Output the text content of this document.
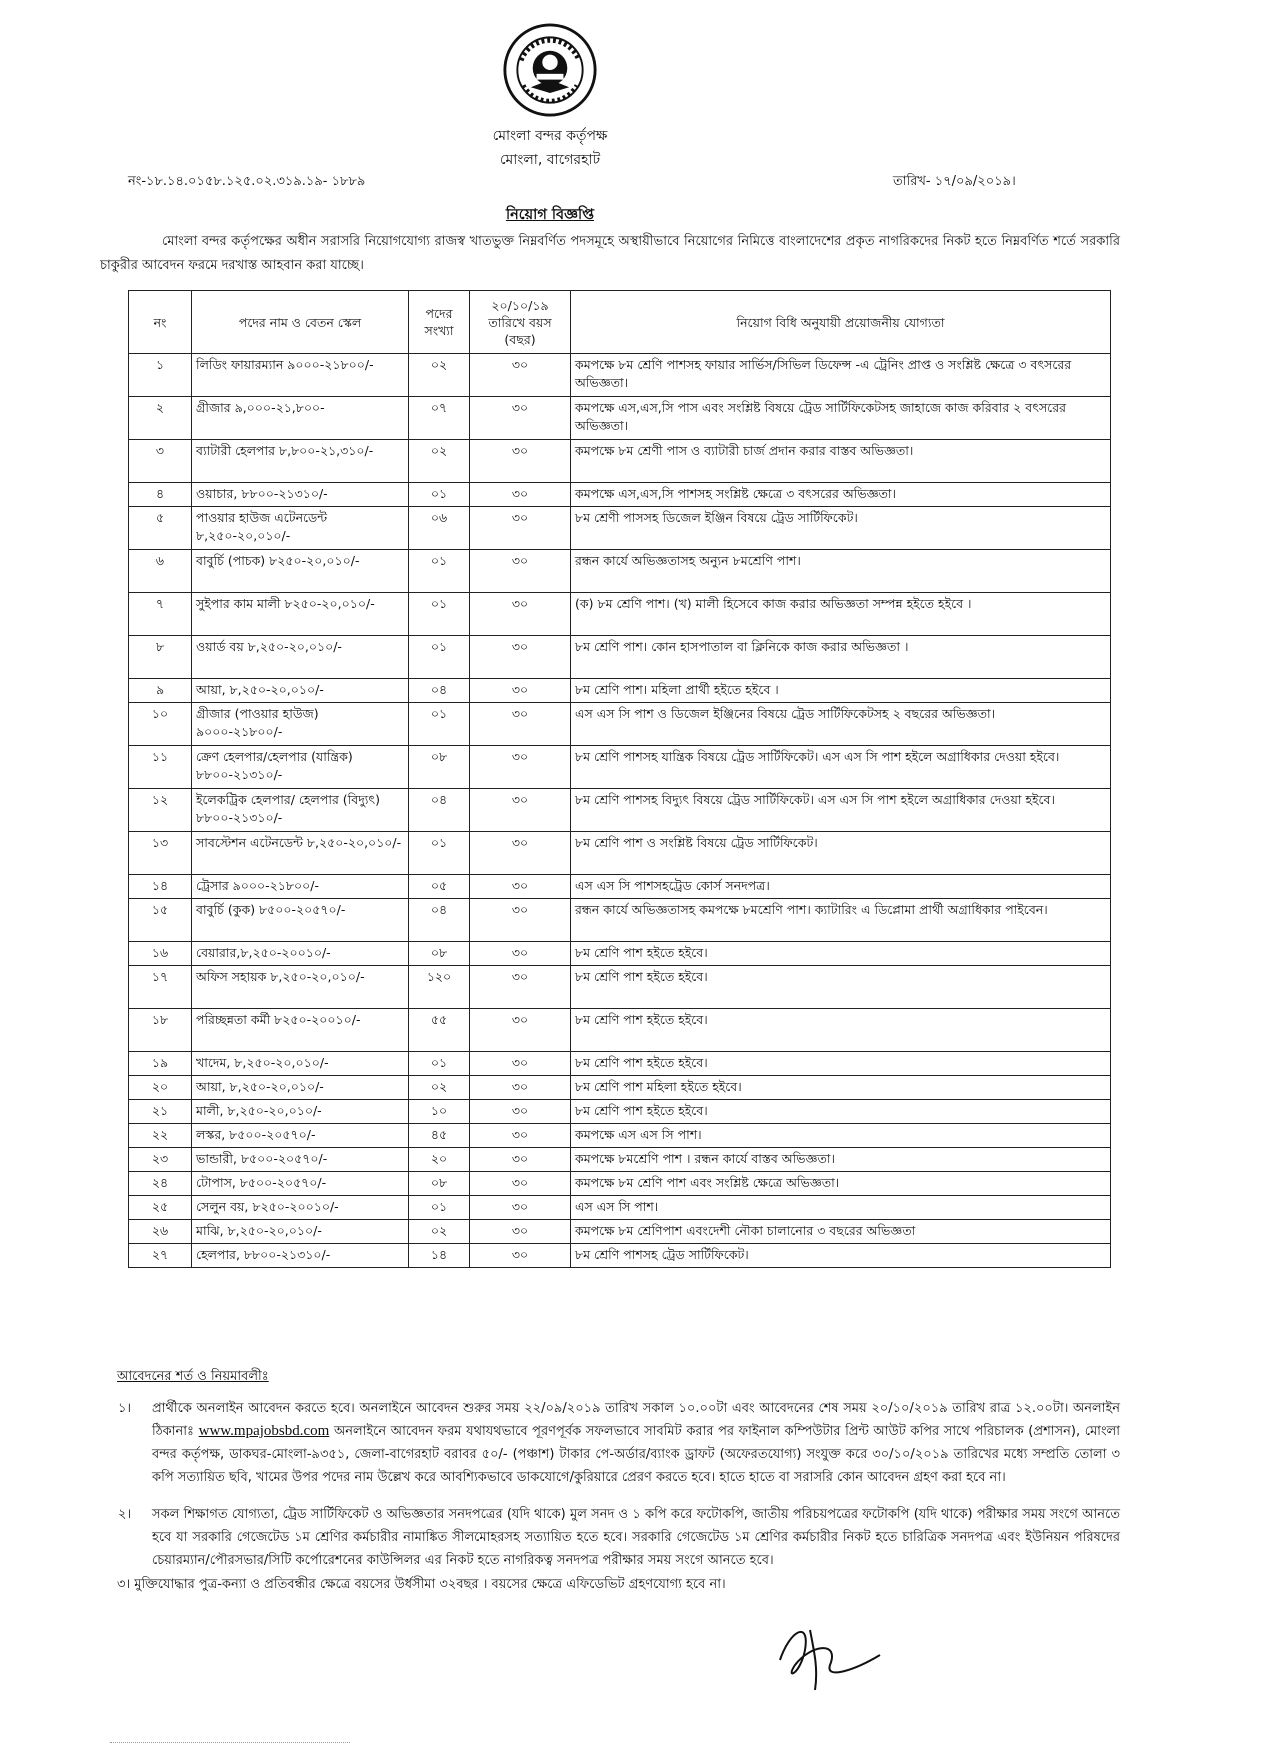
মোংলা বন্দর কর্তৃপক্ষ
মোংলা, বাগেরহাট
নং-১৮.১৪.০১৫৮.১২৫.০২.৩১৯.১৯- ১৮৮৯	তারিখ- ১৭/০৯/২০১৯।
নিয়োগ বিজ্ঞপ্তি
মোংলা বন্দর কর্তৃপক্ষের অধীন সরাসরি নিয়োগযোগ্য রাজস্ব খাতভুক্ত নিম্নবর্ণিত পদসমূহে অস্থায়ীভাবে নিয়োগের নিমিত্তে বাংলাদেশের প্রকৃত নাগরিকদের নিকট হতে নিম্নবর্ণিত শর্তে সরকারি চাকুরীর আবেদন ফরমে দরখাস্ত আহবান করা যাচ্ছে।
নং	পদের নাম ও বেতন স্কেল	পদের সংখ্যা	২০/১০/১৯ তারিখে বয়স (বছর)	নিয়োগ বিধি অনুযায়ী প্রয়োজনীয় যোগ্যতা
১	লিডিং ফায়ারম্যান ৯০০০-২১৮০০/-	০২	৩০	কমপক্ষে ৮ম শ্রেণি পাশসহ ফায়ার সার্ভিস/সিভিল ডিফেন্স -এ ট্রেনিং প্রাপ্ত ও সংশ্লিষ্ট ক্ষেত্রে ৩ বৎসরের অভিজ্ঞতা।
২	গ্রীজার ৯,০০০-২১,৮০০-	০৭	৩০	কমপক্ষে এস,এস,সি পাস এবং সংশ্লিষ্ট বিষয়ে ট্রেড সার্টিফিকেটসহ জাহাজে কাজ করিবার ২ বৎসরের অভিজ্ঞতা।
৩	ব্যাটারী হেলপার ৮,৮০০-২১,৩১০/-	০২	৩০	কমপক্ষে ৮ম শ্রেণী পাস ও ব্যাটারী চার্জ প্রদান করার বাস্তব অভিজ্ঞতা।
৪	ওয়াচার, ৮৮০০-২১৩১০/-	০১	৩০	কমপক্ষে এস,এস,সি পাশসহ সংশ্লিষ্ট ক্ষেত্রে ৩ বৎসরের অভিজ্ঞতা।
৫	পাওয়ার হাউজ এটেনডেন্ট ৮,২৫০-২০,০১০/-	০৬	৩০	৮ম শ্রেণী পাসসহ ডিজেল ইঞ্জিন বিষয়ে ট্রেড সার্টিফিকেট।
৬	বাবুর্চি (পাচক) ৮২৫০-২০,০১০/-	০১	৩০	রন্ধন কার্যে অভিজ্ঞতাসহ অন্যুন ৮মশ্রেণি পাশ।
৭	সুইপার কাম মালী ৮২৫০-২০,০১০/-	০১	৩০	(ক) ৮ম শ্রেণি পাশ। (খ) মালী হিসেবে কাজ করার অভিজ্ঞতা সম্পন্ন হইতে হইবে ।
৮	ওয়ার্ড বয় ৮,২৫০-২০,০১০/-	০১	৩০	৮ম শ্রেণি পাশ। কোন হাসপাতাল বা ক্লিনিকে কাজ করার অভিজ্ঞতা ।
৯	আয়া, ৮,২৫০-২০,০১০/-	০৪	৩০	৮ম শ্রেণি পাশ। মহিলা প্রার্থী হইতে হইবে ।
১০	গ্রীজার (পাওয়ার হাউজ) ৯০০০-২১৮০০/-	০১	৩০	এস এস সি পাশ ও ডিজেল ইঞ্জিনের বিষয়ে ট্রেড সার্টিফিকেটসহ ২ বছরের অভিজ্ঞতা।
১১	ক্রেণ হেলপার/হেলপার (যান্ত্রিক) ৮৮০০-২১৩১০/-	০৮	৩০	৮ম শ্রেণি পাশসহ যান্ত্রিক বিষয়ে ট্রেড সার্টিফিকেট। এস এস সি পাশ হইলে অগ্রাধিকার দেওয়া হইবে।
১২	ইলেকট্রিক হেলপার/ হেলপার (বিদ্যুৎ) ৮৮০০-২১৩১০/-	০৪	৩০	৮ম শ্রেণি পাশসহ বিদ্যুৎ বিষয়ে ট্রেড সার্টিফিকেট। এস এস সি পাশ হইলে অগ্রাধিকার দেওয়া হইবে।
১৩	সাবস্টেশন এটেনডেন্ট ৮,২৫০-২০,০১০/-	০১	৩০	৮ম শ্রেণি পাশ ও সংশ্লিষ্ট বিষয়ে ট্রেড সার্টিফিকেট।
১৪	ট্রেসার ৯০০০-২১৮০০/-	০৫	৩০	এস এস সি পাশসহট্রেড কোর্স সনদপত্র।
১৫	বাবুর্চি (কুক) ৮৫০০-২০৫৭০/-	০৪	৩০	রন্ধন কার্যে অভিজ্ঞতাসহ কমপক্ষে ৮মশ্রেণি পাশ। ক্যাটারিং এ ডিপ্লোমা প্রার্থী অগ্রাধিকার পাইবেন।
১৬	বেয়ারার,৮,২৫০-২০০১০/-	০৮	৩০	৮ম শ্রেণি পাশ হইতে হইবে।
১৭	অফিস সহায়ক ৮,২৫০-২০,০১০/-	১২০	৩০	৮ম শ্রেণি পাশ হইতে হইবে।
১৮	পরিচ্ছন্নতা কর্মী ৮২৫০-২০০১০/-	৫৫	৩০	৮ম শ্রেণি পাশ হইতে হইবে।
১৯	খাদেম, ৮,২৫০-২০,০১০/-	০১	৩০	৮ম শ্রেণি পাশ হইতে হইবে।
২০	আয়া, ৮,২৫০-২০,০১০/-	০২	৩০	৮ম শ্রেণি পাশ মহিলা হইতে হইবে।
২১	মালী, ৮,২৫০-২০,০১০/-	১০	৩০	৮ম শ্রেণি পাশ হইতে হইবে।
২২	লস্কর, ৮৫০০-২০৫৭০/-	৪৫	৩০	কমপক্ষে এস এস সি পাশ।
২৩	ভান্ডারী, ৮৫০০-২০৫৭০/-	২০	৩০	কমপক্ষে ৮মশ্রেণি পাশ । রন্ধন কার্যে বাস্তব অভিজ্ঞতা।
২৪	টোপাস, ৮৫০০-২০৫৭০/-	০৮	৩০	কমপক্ষে ৮ম শ্রেণি পাশ এবং সংশ্লিষ্ট ক্ষেত্রে অভিজ্ঞতা।
২৫	সেলুন বয়, ৮২৫০-২০০১০/-	০১	৩০	এস এস সি পাশ।
২৬	মাঝি, ৮,২৫০-২০,০১০/-	০২	৩০	কমপক্ষে ৮ম শ্রেণিপাশ এবংদেশী নৌকা চালানোর ৩ বছরের অভিজ্ঞতা
২৭	হেলপার, ৮৮০০-২১৩১০/-	১৪	৩০	৮ম শ্রেণি পাশসহ ট্রেড সার্টিফিকেট।
আবেদনের শর্ত ও নিয়মাবলীঃ
১। প্রার্থীকে অনলাইন আবেদন করতে হবে। অনলাইনে আবেদন শুরুর সময় ২২/০৯/২০১৯ তারিখ সকাল ১০.০০টা এবং আবেদনের শেষ সময় ২০/১০/২০১৯ তারিখ রাত্র ১২.০০টা। অনলাইন ঠিকানাঃ www.mpajobsbd.com অনলাইনে আবেদন ফরম যথাযথভাবে পূরণপূর্বক সফলভাবে সাবমিট করার পর ফাইনাল কম্পিউটার প্রিন্ট আউট কপির সাথে পরিচালক (প্রশাসন), মোংলা বন্দর কর্তৃপক্ষ, ডাকঘর-মোংলা-৯৩৫১, জেলা-বাগেরহাট বরাবর ৫০/- (পঞ্চাশ) টাকার পে-অর্ডার/ব্যাংক ড্রাফট (অফেরতযোগ্য) সংযুক্ত করে ৩০/১০/২০১৯ তারিখের মধ্যে সম্প্রতি তোলা ৩ কপি সত্যায়িত ছবি, খামের উপর পদের নাম উল্লেখ করে আবশ্যিকভাবে ডাকযোগে/কুরিয়ারে প্রেরণ করতে হবে। হাতে হাতে বা সরাসরি কোন আবেদন গ্রহণ করা হবে না।
২। সকল শিক্ষাগত যোগ্যতা, ট্রেড সার্টিফিকেট ও অভিজ্ঞতার সনদপত্রের (যদি থাকে) মুল সনদ ও ১ কপি করে ফটোকপি, জাতীয় পরিচয়পত্রের ফটোকপি (যদি থাকে) পরীক্ষার সময় সংগে আনতে হবে যা সরকারি গেজেটেড ১ম শ্রেণির কর্মচারীর নামাঙ্কিত সীলমোহরসহ সত্যায়িত হতে হবে। সরকারি গেজেটেড ১ম শ্রেণির কর্মচারীর নিকট হতে চারিত্রিক সনদপত্র এবং ইউনিয়ন পরিষদের চেয়ারম্যান/পৌরসভার/সিটি কর্পোরেশনের কাউন্সিলর এর নিকট হতে নাগরিকত্ব সনদপত্র পরীক্ষার সময় সংগে আনতে হবে।
৩। মুক্তিযোদ্ধার পুত্র-কন্যা ও প্রতিবন্ধীর ক্ষেত্রে বয়সের উর্ধসীমা ৩২বছর । বয়সের ক্ষেত্রে এফিডেভিট গ্রহণযোগ্য হবে না।
